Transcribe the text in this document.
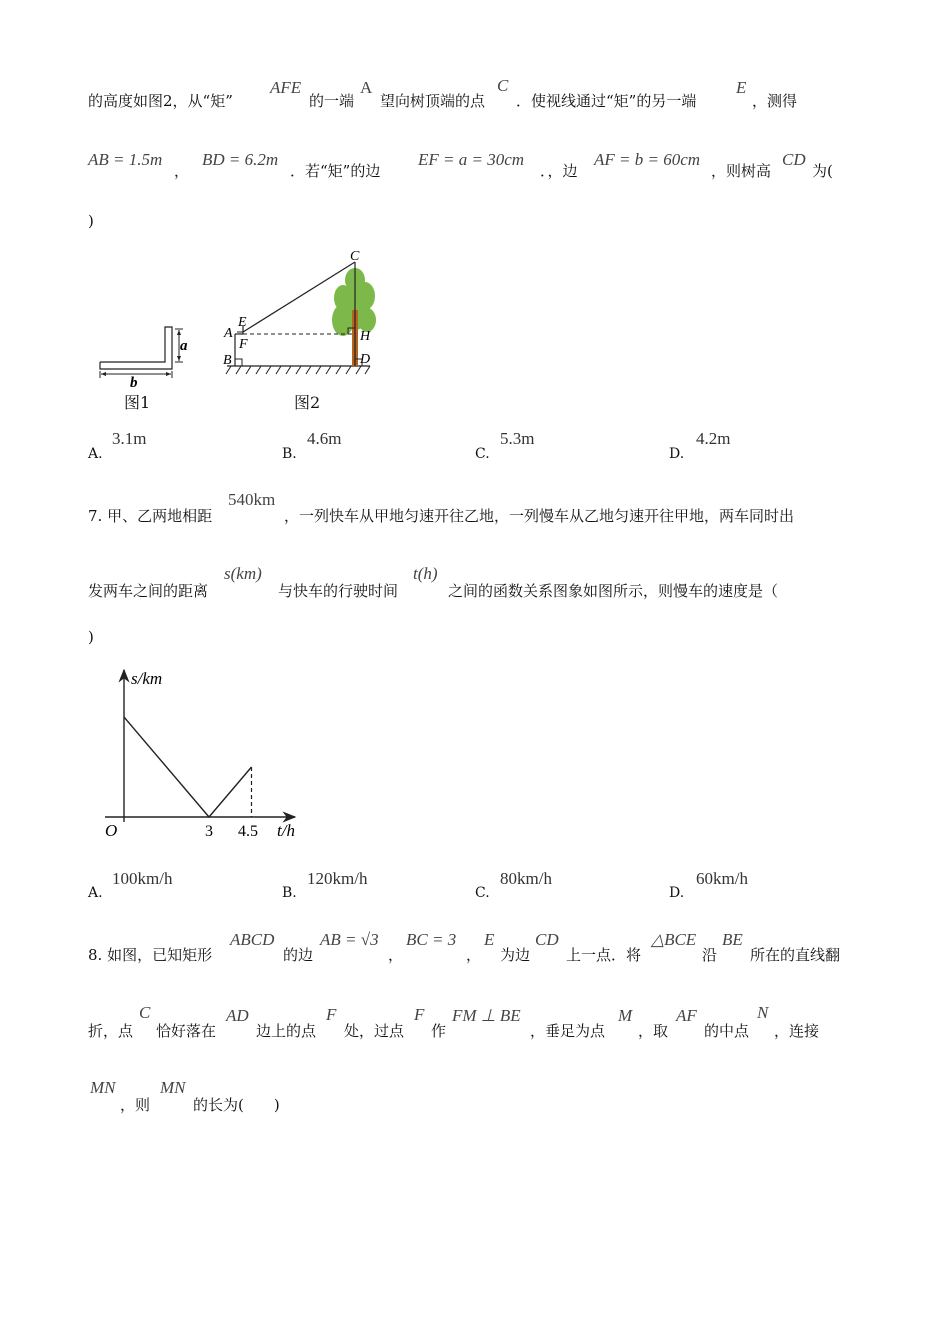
的高度如图2，从“矩”
AFE
的一端
A
望向树顶端的点
C
．使视线通过“矩”的另一端
E
，测得
AB = 1.5m
，
BD = 6.2m
．若“矩”的边
EF = a = 30cm
．，边
AF = b = 60cm
，则树高
CD
为(
)
a
b
图1
C
E
A
F
H
B	D
图2
A.
3.1m
B.
4.6m
C.
5.3m
D.
4.2m
7. 甲、乙两地相距
540km
，一列快车从甲地匀速开往乙地，一列慢车从乙地匀速开往甲地，两车同时出
发两车之间的距离
s(km)
与快车的行驶时间
t(h)
之间的函数关系图象如图所示，则慢车的速度是（
)
s/km
t/h
O	3 4.5
A.
100km/h
B.
120km/h
C.
80km/h
D.
60km/h
8. 如图，已知矩形
ABCD
的边
AB = √3
，
BC = 3
，
E
为边
CD
上一点．将
△BCE
沿
BE
所在的直线翻
折，点
C
恰好落在
AD
边上的点
F
处，过点
F
作
FM ⊥ BE
，垂足为点
M
，取
AF
的中点
N
，连接
MN
，则
MN
的长为(　　)
